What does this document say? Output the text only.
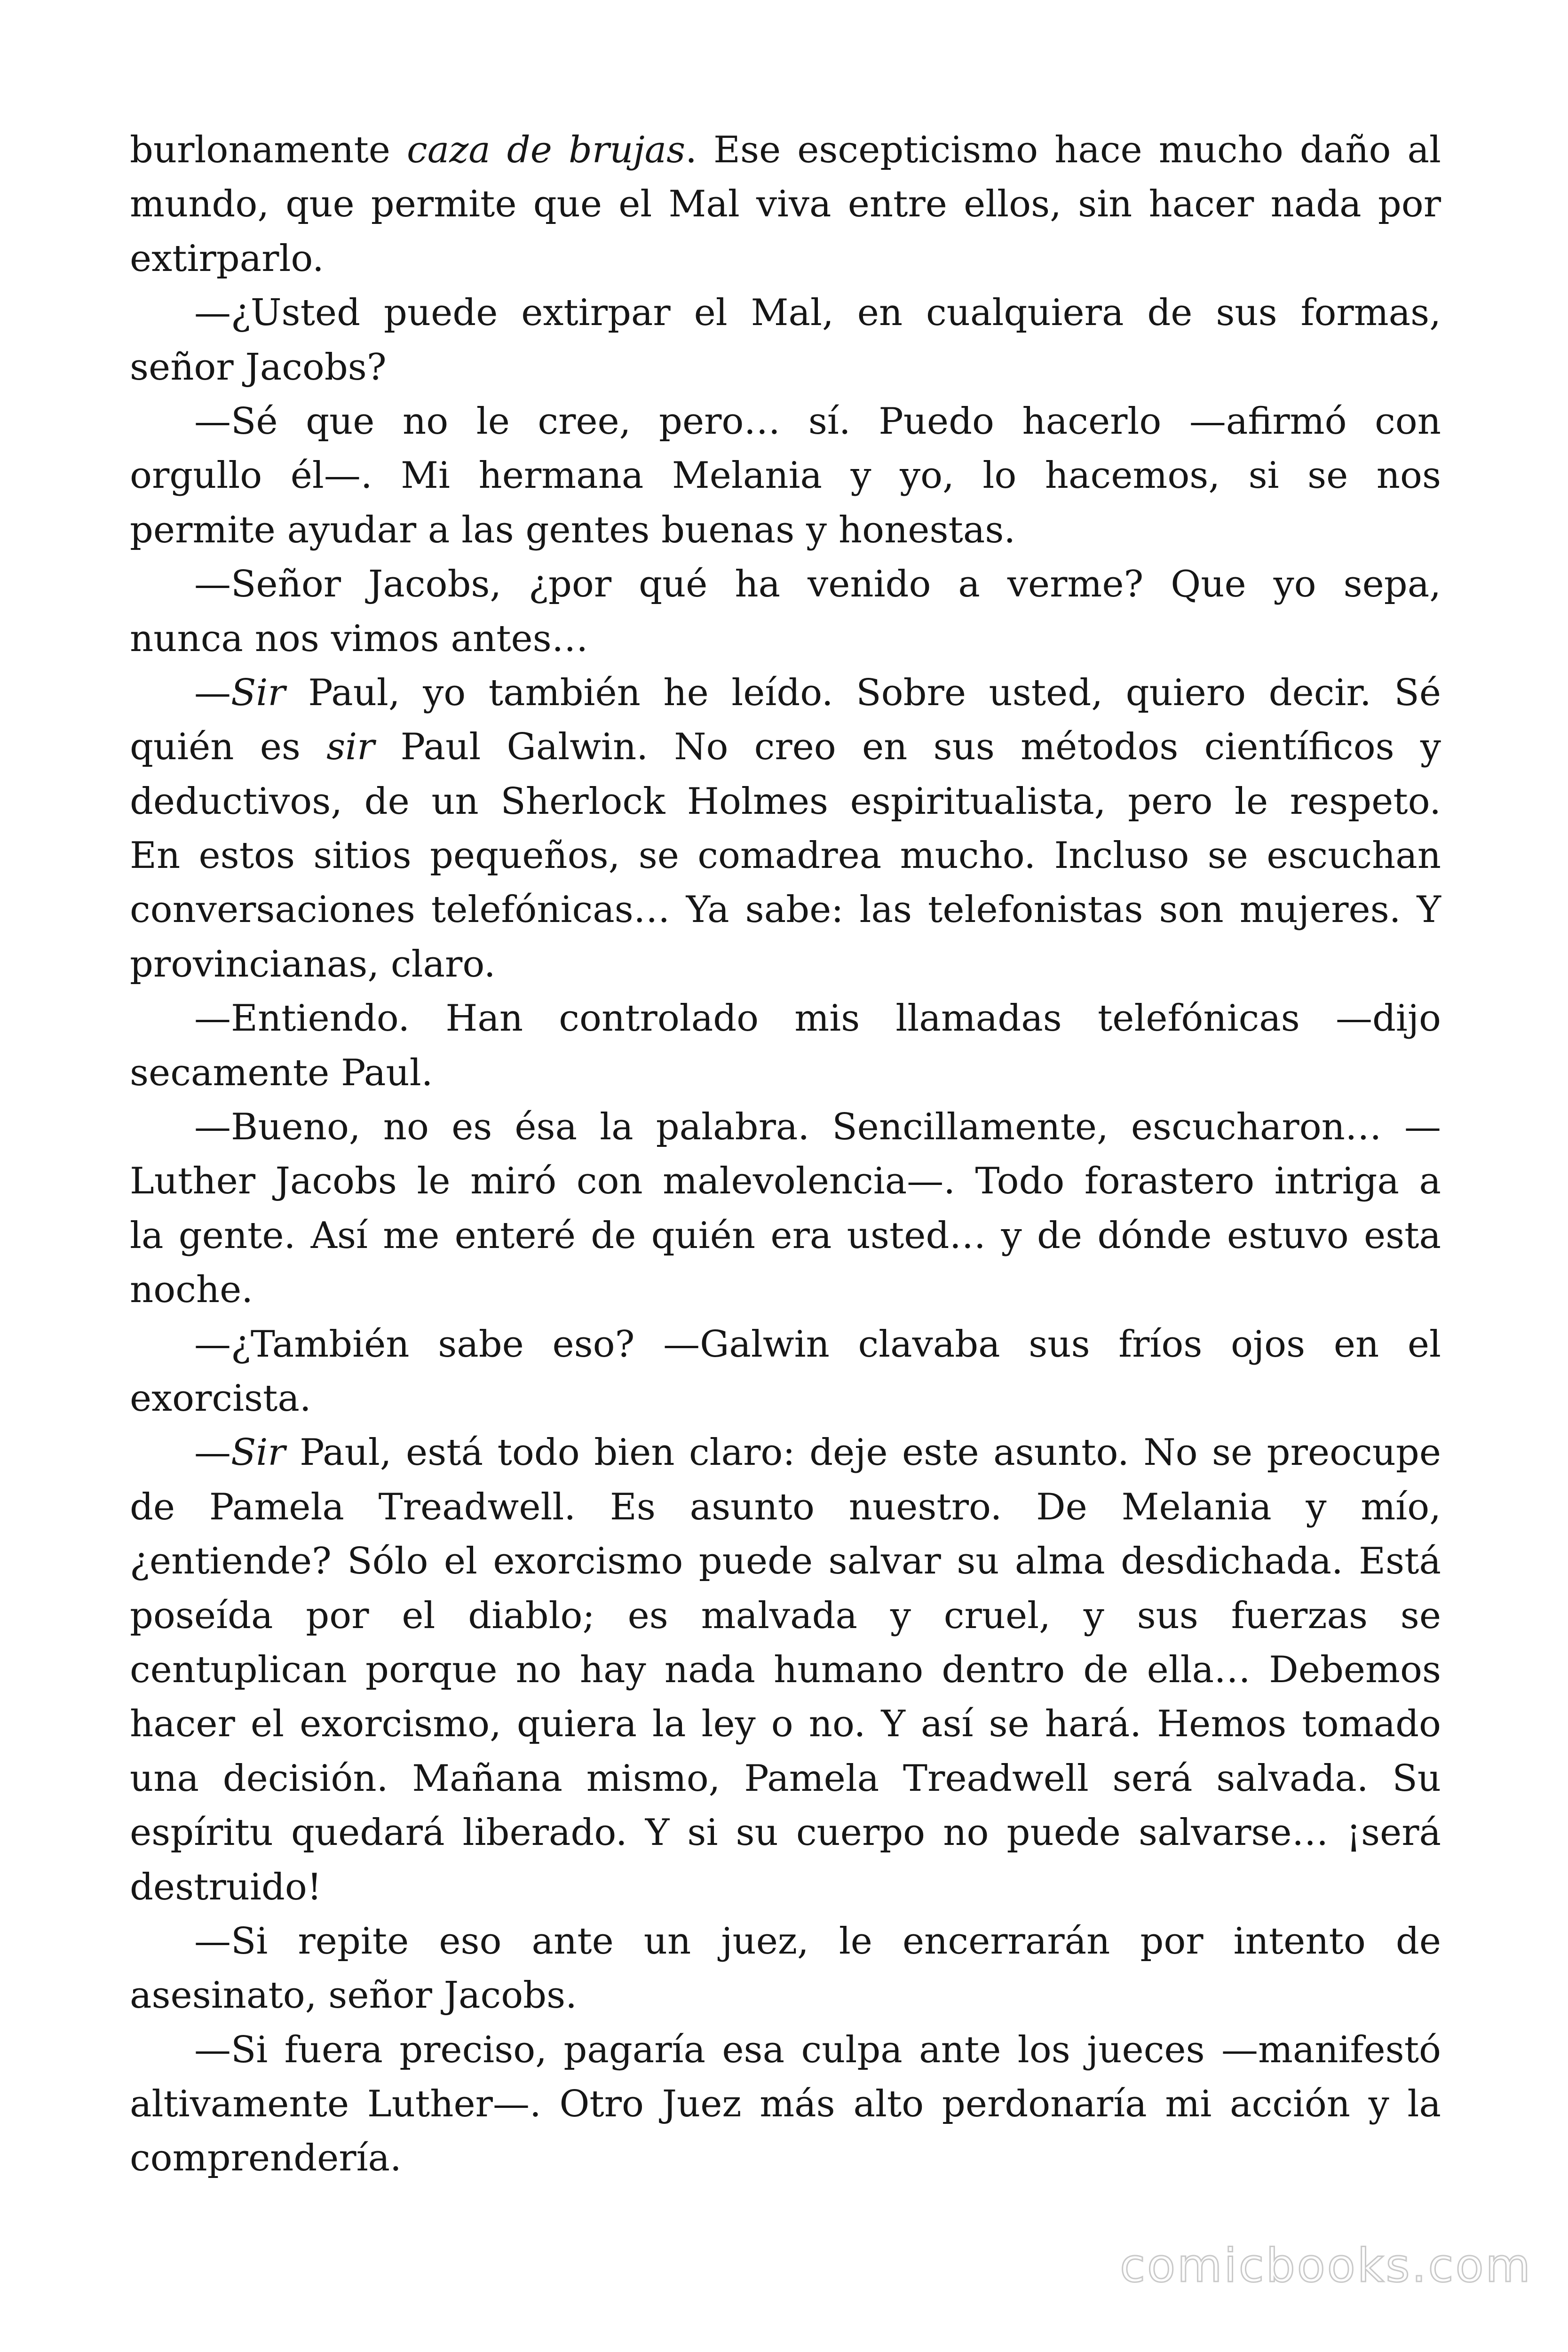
burlonamente caza de brujas. Ese escepticismo hace mucho daño al
mundo, que permite que el Mal viva entre ellos, sin hacer nada por
extirparlo.
—¿Usted puede extirpar el Mal, en cualquiera de sus formas,
señor Jacobs?
—Sé que no le cree, pero… sí. Puedo hacerlo —afirmó con
orgullo él—. Mi hermana Melania y yo, lo hacemos, si se nos
permite ayudar a las gentes buenas y honestas.
—Señor Jacobs, ¿por qué ha venido a verme? Que yo sepa,
nunca nos vimos antes…
—Sir Paul, yo también he leído. Sobre usted, quiero decir. Sé
quién es sir Paul Galwin. No creo en sus métodos científicos y
deductivos, de un Sherlock Holmes espiritualista, pero le respeto.
En estos sitios pequeños, se comadrea mucho. Incluso se escuchan
conversaciones telefónicas… Ya sabe: las telefonistas son mujeres. Y
provincianas, claro.
—Entiendo. Han controlado mis llamadas telefónicas —dijo
secamente Paul.
—Bueno, no es ésa la palabra. Sencillamente, escucharon… —
Luther Jacobs le miró con malevolencia—. Todo forastero intriga a
la gente. Así me enteré de quién era usted… y de dónde estuvo esta
noche.
—¿También sabe eso? —Galwin clavaba sus fríos ojos en el
exorcista.
—Sir Paul, está todo bien claro: deje este asunto. No se preocupe
de Pamela Treadwell. Es asunto nuestro. De Melania y mío,
¿entiende? Sólo el exorcismo puede salvar su alma desdichada. Está
poseída por el diablo; es malvada y cruel, y sus fuerzas se
centuplican porque no hay nada humano dentro de ella… Debemos
hacer el exorcismo, quiera la ley o no. Y así se hará. Hemos tomado
una decisión. Mañana mismo, Pamela Treadwell será salvada. Su
espíritu quedará liberado. Y si su cuerpo no puede salvarse… ¡será
destruido!
—Si repite eso ante un juez, le encerrarán por intento de
asesinato, señor Jacobs.
—Si fuera preciso, pagaría esa culpa ante los jueces —manifestó
altivamente Luther—. Otro Juez más alto perdonaría mi acción y la
comprendería.
comicbooks.com
